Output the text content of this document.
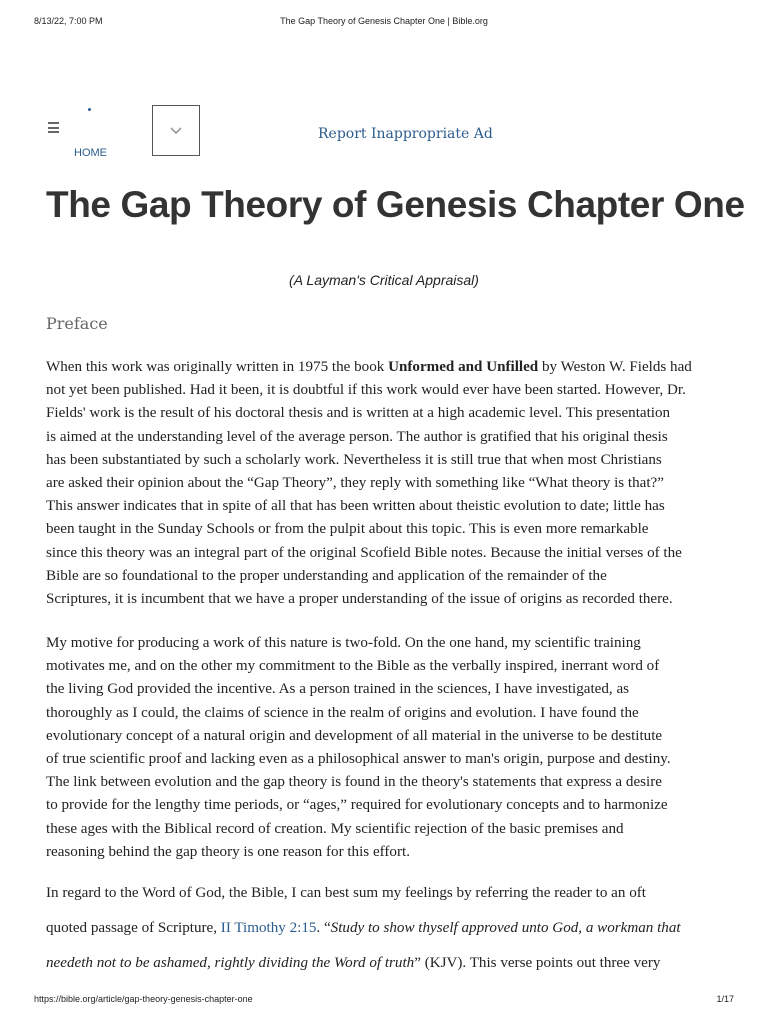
8/13/22, 7:00 PM	The Gap Theory of Genesis Chapter One | Bible.org
HOME
Report Inappropriate Ad
The Gap Theory of Genesis Chapter One
(A Layman's Critical Appraisal)
Preface
When this work was originally written in 1975 the book Unformed and Unfilled by Weston W. Fields had
not yet been published. Had it been, it is doubtful if this work would ever have been started. However, Dr.
Fields' work is the result of his doctoral thesis and is written at a high academic level. This presentation
is aimed at the understanding level of the average person. The author is gratified that his original thesis
has been substantiated by such a scholarly work. Nevertheless it is still true that when most Christians
are asked their opinion about the “Gap Theory”, they reply with something like “What theory is that?”
This answer indicates that in spite of all that has been written about theistic evolution to date; little has
been taught in the Sunday Schools or from the pulpit about this topic. This is even more remarkable
since this theory was an integral part of the original Scofield Bible notes. Because the initial verses of the
Bible are so foundational to the proper understanding and application of the remainder of the
Scriptures, it is incumbent that we have a proper understanding of the issue of origins as recorded there.
My motive for producing a work of this nature is two-fold. On the one hand, my scientific training
motivates me, and on the other my commitment to the Bible as the verbally inspired, inerrant word of
the living God provided the incentive. As a person trained in the sciences, I have investigated, as
thoroughly as I could, the claims of science in the realm of origins and evolution. I have found the
evolutionary concept of a natural origin and development of all material in the universe to be destitute
of true scientific proof and lacking even as a philosophical answer to man's origin, purpose and destiny.
The link between evolution and the gap theory is found in the theory's statements that express a desire
to provide for the lengthy time periods, or “ages,” required for evolutionary concepts and to harmonize
these ages with the Biblical record of creation. My scientific rejection of the basic premises and
reasoning behind the gap theory is one reason for this effort.
In regard to the Word of God, the Bible, I can best sum my feelings by referring the reader to an oft
quoted passage of Scripture, II Timothy 2:15. “Study to show thyself approved unto God, a workman that
needeth not to be ashamed, rightly dividing the Word of truth” (KJV). This verse points out three very
https://bible.org/article/gap-theory-genesis-chapter-one	1/17
